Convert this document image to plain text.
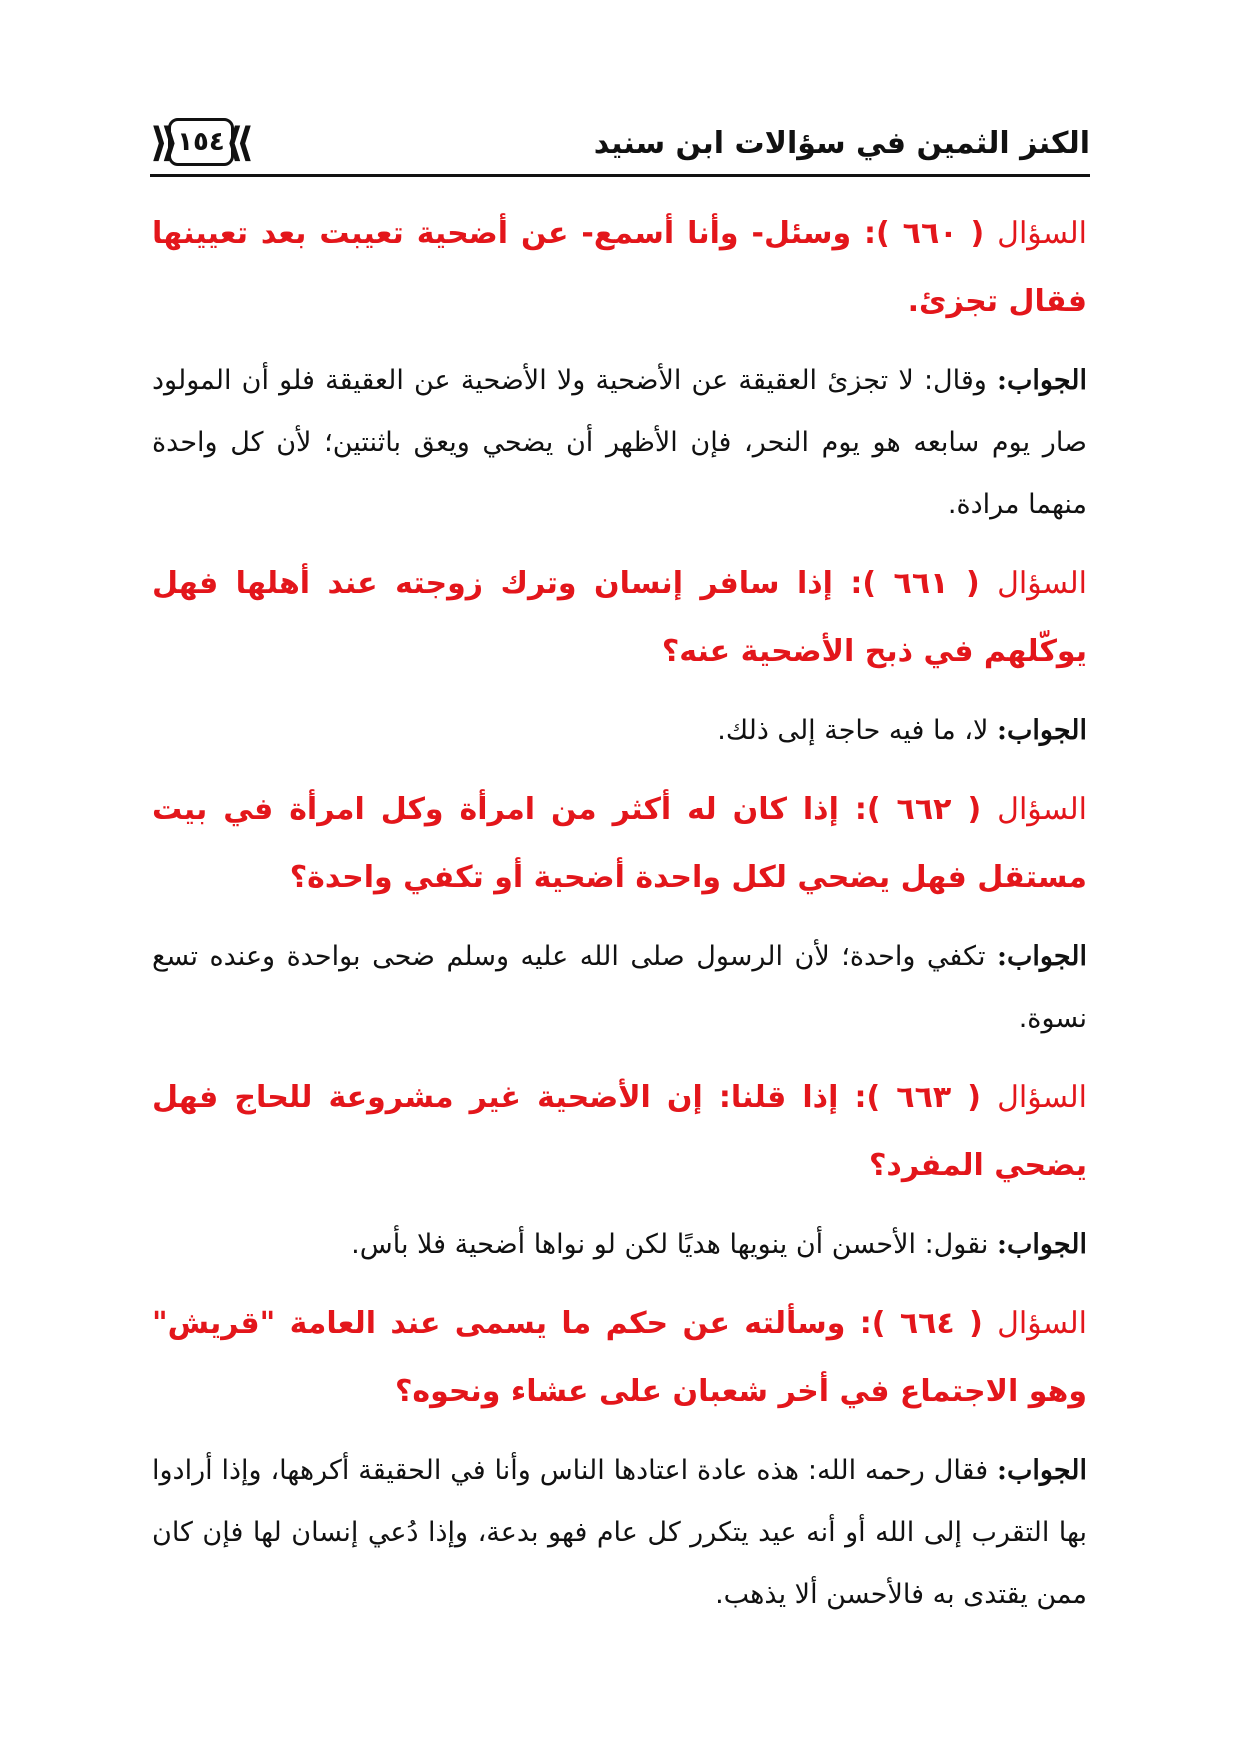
الكنز الثمين في سؤالات ابن سنيد
⟪
١٥٤ ⟫

السؤال ( ٦٦٠ ): وسئل- وأنا أسمع- عن أضحية تعيبت بعد تعيينها فقال تجزئ.

الجواب: وقال: لا تجزئ العقيقة عن الأضحية ولا الأضحية عن العقيقة فلو أن المولود صار يوم سابعه هو يوم النحر، فإن الأظهر أن يضحي ويعق باثنتين؛ لأن كل واحدة منهما مرادة.

السؤال ( ٦٦١ ): إذا سافر إنسان وترك زوجته عند أهلها فهل يوكّلهم في ذبح الأضحية عنه؟

الجواب: لا، ما فيه حاجة إلى ذلك.

السؤال ( ٦٦٢ ): إذا كان له أكثر من امرأة وكل امرأة في بيت مستقل فهل يضحي لكل واحدة أضحية أو تكفي واحدة؟

الجواب: تكفي واحدة؛ لأن الرسول صلى الله عليه وسلم ضحى بواحدة وعنده تسع نسوة.

السؤال ( ٦٦٣ ): إذا قلنا: إن الأضحية غير مشروعة للحاج فهل يضحي المفرد؟

الجواب: نقول: الأحسن أن ينويها هديًا لكن لو نواها أضحية فلا بأس.

السؤال ( ٦٦٤ ): وسألته عن حكم ما يسمى عند العامة "قريش" وهو الاجتماع في أخر شعبان على عشاء ونحوه؟

الجواب: فقال رحمه الله: هذه عادة اعتادها الناس وأنا في الحقيقة أكرهها، وإذا أرادوا بها التقرب إلى الله أو أنه عيد يتكرر كل عام فهو بدعة، وإذا دُعي إنسان لها فإن كان ممن يقتدى به فالأحسن ألا يذهب.
